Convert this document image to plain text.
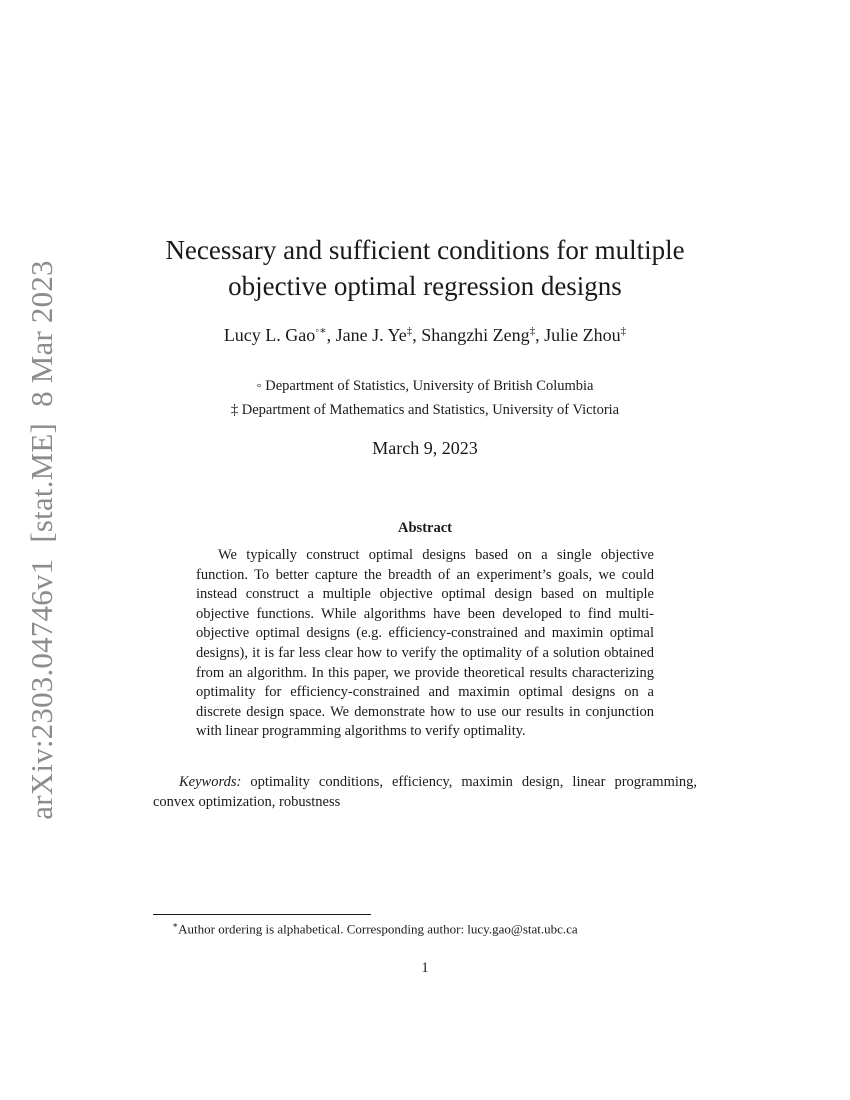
arXiv:2303.04746v1[stat.ME]8 Mar 2023
Necessary and sufficient conditions for multiple
objective optimal regression designs
Lucy L. Gao◦∗, Jane J. Ye‡, Shangzhi Zeng‡, Julie Zhou‡
◦ Department of Statistics, University of British Columbia
‡ Department of Mathematics and Statistics, University of Victoria
March 9, 2023
Abstract

We typically construct optimal designs based on a single objective function. To better capture the breadth of an experiment’s goals, we could instead construct a multiple objective optimal design based on multiple objective functions. While algorithms have been developed to find multi-objective optimal designs (e.g. efficiency-constrained and maximin optimal designs), it is far less clear how to verify the optimality of a solution obtained from an algorithm. In this paper, we provide theoretical results characterizing optimality for efficiency-constrained and maximin optimal designs on a discrete design space. We demonstrate how to use our results in conjunction with linear programming algorithms to verify optimality.

Keywords: optimality conditions, efficiency, maximin design, linear programming, convex optimization, robustness

∗Author ordering is alphabetical. Corresponding author: lucy.gao@stat.ubc.ca
1
